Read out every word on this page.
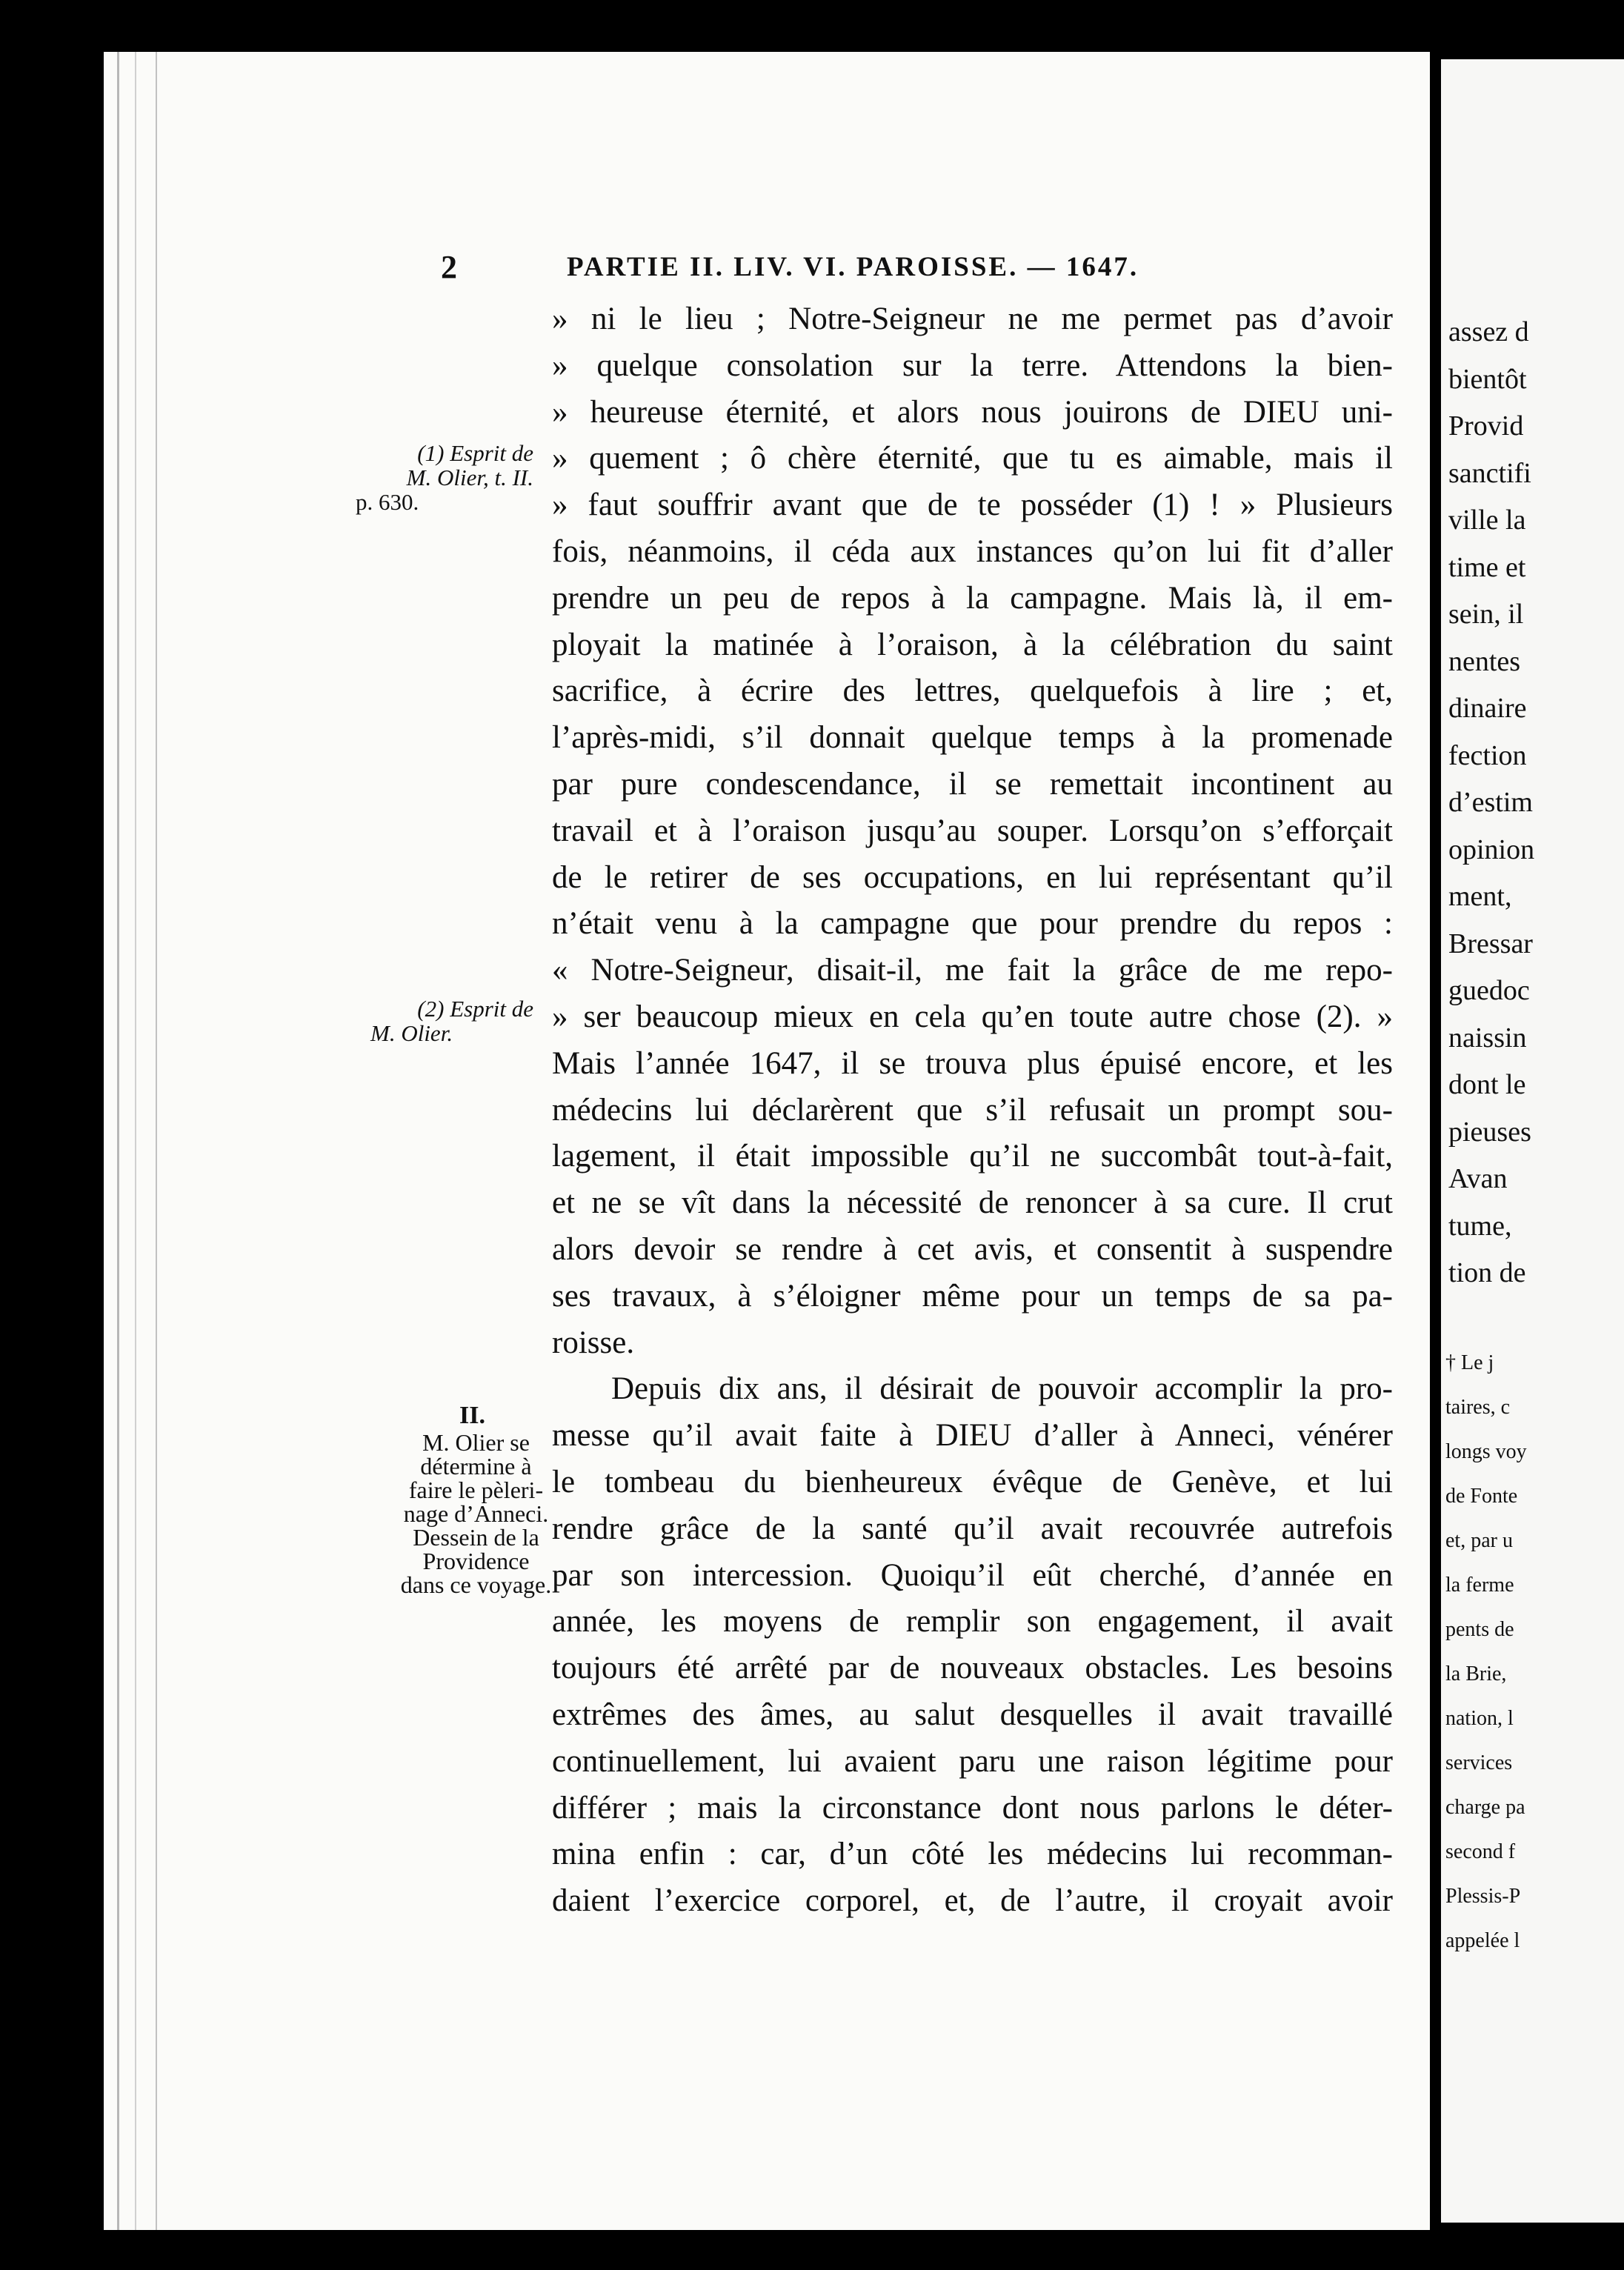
2	PARTIE II. LIV. VI. PAROISSE. — 1647.
(1) Esprit de
M. Olier, t. II.
p. 630.
(2) Esprit de
M. Olier.
II.
M. Olier se
détermine à
faire le pèleri-
nage d’Anneci.
Dessein de la
Providence
dans ce voyage.
» ni le lieu ; Notre-Seigneur ne me permet pas d’avoir
» quelque consolation sur la terre. Attendons la bien-
» heureuse éternité, et alors nous jouirons de DIEU uni-
» quement ; ô chère éternité, que tu es aimable, mais il
» faut souffrir avant que de te posséder (1) ! » Plusieurs
fois, néanmoins, il céda aux instances qu’on lui fit d’aller
prendre un peu de repos à la campagne. Mais là, il em-
ployait la matinée à l’oraison, à la célébration du saint
sacrifice, à écrire des lettres, quelquefois à lire ; et,
l’après-midi, s’il donnait quelque temps à la promenade
par pure condescendance, il se remettait incontinent au
travail et à l’oraison jusqu’au souper. Lorsqu’on s’efforçait
de le retirer de ses occupations, en lui représentant qu’il
n’était venu à la campagne que pour prendre du repos :
« Notre-Seigneur, disait-il, me fait la grâce de me repo-
» ser beaucoup mieux en cela qu’en toute autre chose (2). »
Mais l’année 1647, il se trouva plus épuisé encore, et les
médecins lui déclarèrent que s’il refusait un prompt sou-
lagement, il était impossible qu’il ne succombât tout-à-fait,
et ne se vît dans la nécessité de renoncer à sa cure. Il crut
alors devoir se rendre à cet avis, et consentit à suspendre
ses travaux, à s’éloigner même pour un temps de sa pa-
roisse.
Depuis dix ans, il désirait de pouvoir accomplir la pro-
messe qu’il avait faite à DIEU d’aller à Anneci, vénérer
le tombeau du bienheureux évêque de Genève, et lui
rendre grâce de la santé qu’il avait recouvrée autrefois
par son intercession. Quoiqu’il eût cherché, d’année en
année, les moyens de remplir son engagement, il avait
toujours été arrêté par de nouveaux obstacles. Les besoins
extrêmes des âmes, au salut desquelles il avait travaillé
continuellement, lui avaient paru une raison légitime pour
différer ; mais la circonstance dont nous parlons le déter-
mina enfin : car, d’un côté les médecins lui recomman-
daient l’exercice corporel, et, de l’autre, il croyait avoir
assez d
bientôt
Provid
sanctifi
ville la
time et
sein, il
nentes
dinaire
fection
d’estim
opinion
ment,
Bressar
guedoc
naissin
dont le
pieuses
Avan
tume,
tion de
† Le j
taires, c
longs voy
de Fonte
et, par u
la ferme
pents de
la Brie,
nation, l
services
charge pa
second f
Plessis-P
appelée l
